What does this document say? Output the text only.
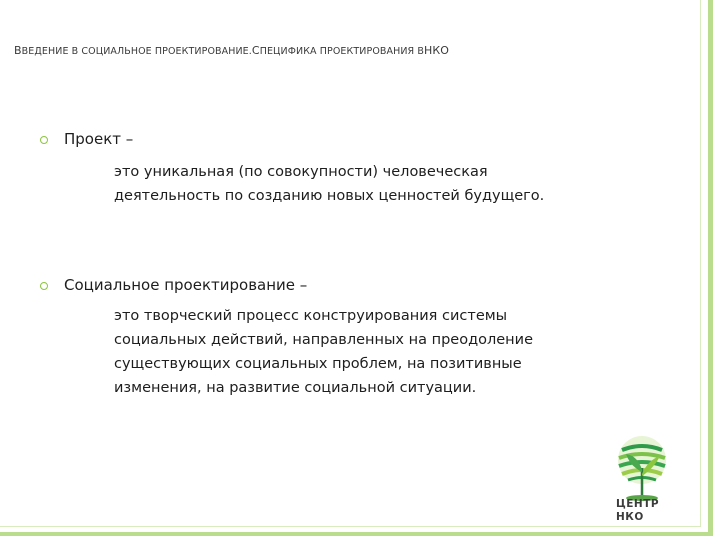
ВВЕДЕНИЕ В СОЦИАЛЬНОЕ ПРОЕКТИРОВАНИЕ.СПЕЦИФИКА ПРОЕКТИРОВАНИЯ ВНКО
Проект –
это уникальная (по совокупности) человеческая
деятельность по созданию новых ценностей будущего.
Социальное проектирование –
это творческий процесс конструирования системы
социальных действий, направленных на преодоление
существующих социальных проблем, на позитивные
изменения, на развитие социальной ситуации.
ЦЕНТР
НКО
